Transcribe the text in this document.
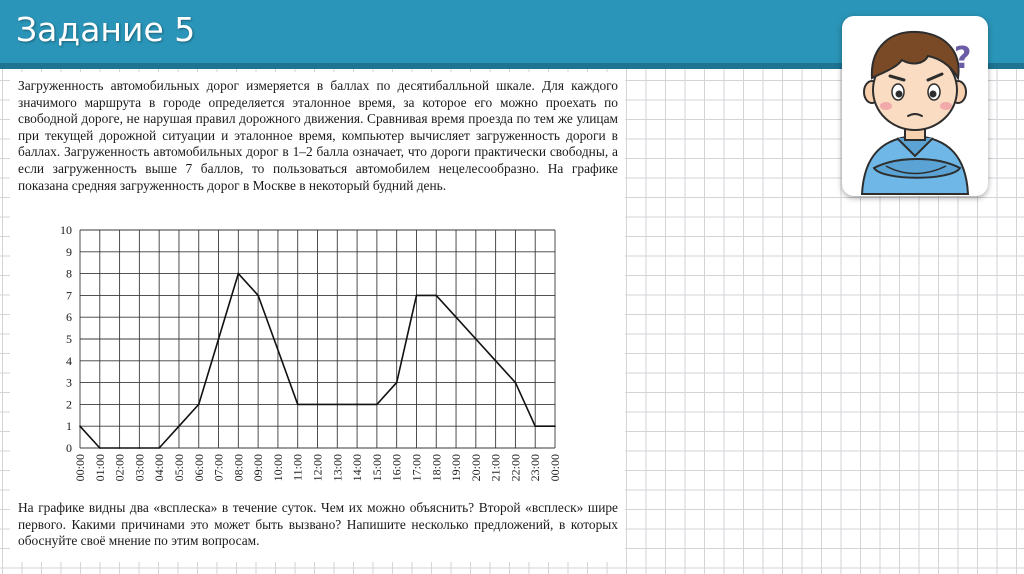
Задание 5

Загруженность автомобильных дорог измеряется в баллах по десятибалльной шкале. Для каждого значимого маршрута в городе определяется эталонное время, за которое его можно проехать по свободной дороге, не нарушая правил дорожного движения. Сравнивая время проезда по тем же улицам при текущей дорожной ситуации и эталонное время, компьютер вычисляет загруженность дороги в баллах. Загруженность автомобильных дорог в 1–2 балла означает, что дороги практически свободны, а если загруженность выше 7 баллов, то пользоваться автомобилем нецелесообразно. На графике показана средняя загруженность дорог в Москве в некоторый будний день.

0
1
2
3
4
5
6
7
8
9
10
00:00 01:00 02:00 03:00 04:00 05:00 06:00 07:00 08:00 09:00 10:00 11:00 12:00 13:00 14:00 15:00 16:00 17:00 18:00 19:00 20:00 21:00 22:00 23:00 00:00

На графике видны два «всплеска» в течение суток. Чем их можно объяснить? Второй «всплеск» шире первого. Какими причинами это может быть вызвано? Напишите несколько предложений, в которых обоснуйте своё мнение по этим вопросам.

?
